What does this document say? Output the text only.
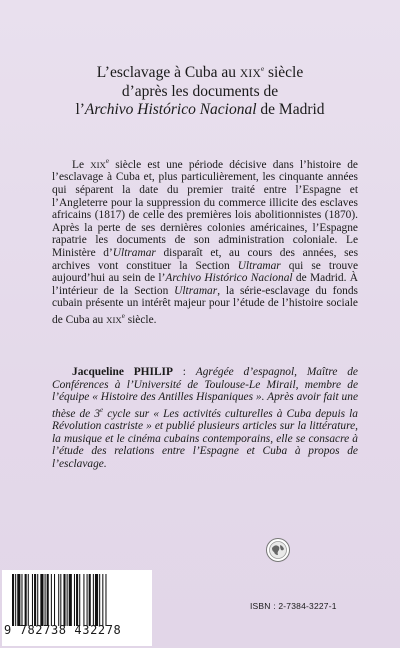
L’esclavage à Cuba au XIXe siècle
d’après les documents de
l’Archivo Histórico Nacional de Madrid
Le XIXe siècle est une période décisive dans l’histoire de l’esclavage à Cuba et, plus particulièrement, les cinquante années qui séparent la date du premier traité entre l’Espagne et l’Angleterre pour la suppression du commerce illicite des esclaves africains (1817) de celle des premières lois abolitionnistes (1870). Après la perte de ses dernières colonies américaines, l’Espagne rapatrie les documents de son administration coloniale. Le Ministère d’Ultramar disparaît et, au cours des années, ses archives vont constituer la Section Ultramar qui se trouve aujourd’hui au sein de l’Archivo Histórico Nacional de Madrid. À l’intérieur de la Section Ultramar, la série-esclavage du fonds cubain présente un intérêt majeur pour l’étude de l’histoire sociale de Cuba au XIXe siècle.
Jacqueline PHILIP : Agrégée d’espagnol, Maître de Conférences à l’Université de Toulouse-Le Mirail, membre de l’équipe « Histoire des Antilles Hispaniques ». Après avoir fait une thèse de 3e cycle sur « Les activités culturelles à Cuba depuis la Révolution castriste » et publié plusieurs articles sur la littérature, la musique et le cinéma cubains contemporains, elle se consacre à l’étude des relations entre l’Espagne et Cuba à propos de l’esclavage.
9 782738 432278
ISBN : 2-7384-3227-1
